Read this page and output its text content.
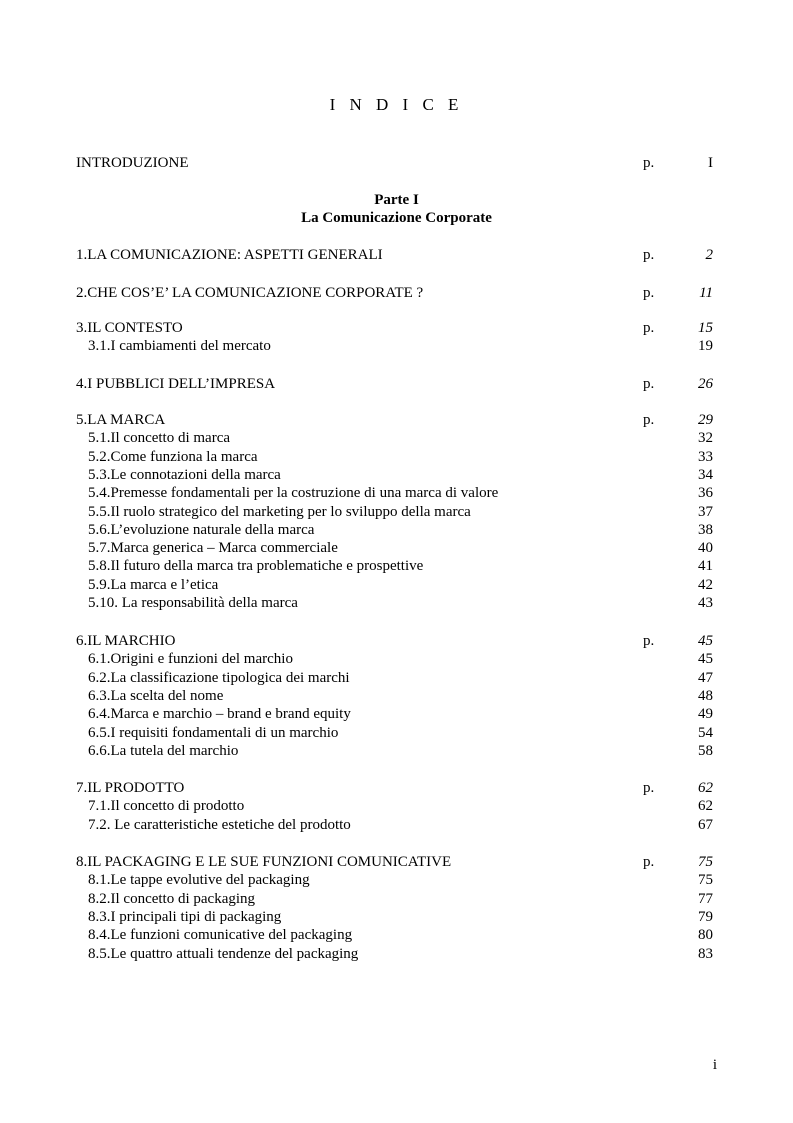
I N D I C E
INTRODUZIONE	p.	I
Parte I
La Comunicazione Corporate
1.LA COMUNICAZIONE: ASPETTI GENERALI	p.	2
2.CHE COS’E’ LA COMUNICAZIONE CORPORATE ?	p.	11
3.IL CONTESTO	p.	15
3.1.I cambiamenti del mercato	19
4.I PUBBLICI DELL’IMPRESA	p.	26
5.LA MARCA	p.	29
5.1.Il concetto di marca	32
5.2.Come funziona la marca	33
5.3.Le connotazioni della marca	34
5.4.Premesse fondamentali per la costruzione di una marca di valore	36
5.5.Il ruolo strategico del marketing per lo sviluppo della marca	37
5.6.L’evoluzione naturale della marca	38
5.7.Marca generica – Marca commerciale	40
5.8.Il futuro della marca tra problematiche e prospettive	41
5.9.La marca e l’etica	42
5.10. La responsabilità della marca	43
6.IL MARCHIO	p.	45
6.1.Origini e funzioni del marchio	45
6.2.La classificazione tipologica dei marchi	47
6.3.La scelta del nome	48
6.4.Marca e marchio – brand e brand equity	49
6.5.I requisiti fondamentali di un marchio	54
6.6.La tutela del marchio	58
7.IL PRODOTTO	p.	62
7.1.Il concetto di prodotto	62
7.2. Le caratteristiche estetiche del prodotto	67
8.IL PACKAGING E LE SUE FUNZIONI COMUNICATIVE	p.	75
8.1.Le tappe evolutive del packaging	75
8.2.Il concetto di packaging	77
8.3.I principali tipi di packaging	79
8.4.Le funzioni comunicative del packaging	80
8.5.Le quattro attuali tendenze del packaging	83
i
